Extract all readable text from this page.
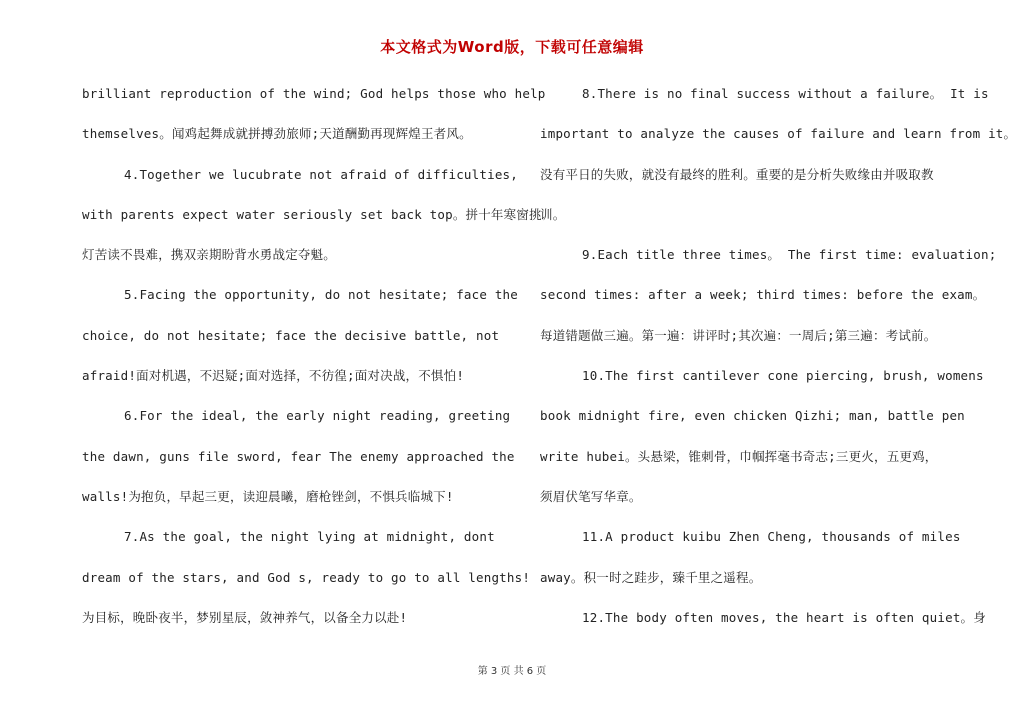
本文格式为Word版，下载可任意编辑
brilliant reproduction of the wind; God helps those who help
themselves。闻鸡起舞成就拼搏劲旅师;天道酬勤再现辉煌王者风。
4.Together we lucubrate not afraid of difficulties,
with parents expect water seriously set back top。拼十年寒窗挑
灯苦读不畏难，携双亲期盼背水勇战定夺魁。
5.Facing the opportunity, do not hesitate; face the
choice, do not hesitate; face the decisive battle, not
afraid!面对机遇，不迟疑;面对选择，不彷徨;面对决战，不惧怕!
6.For the ideal, the early night reading, greeting
the dawn, guns file sword, fear The enemy approached the
walls!为抱负，早起三更，读迎晨曦，磨枪锉剑，不惧兵临城下!
7.As the goal, the night lying at midnight, dont
dream of the stars, and God s, ready to go to all lengths!
为目标，晚卧夜半，梦别星辰，敛神养气，以备全力以赴!
8.There is no final success without a failure。 It is
important to analyze the causes of failure and learn from it。
没有平日的失败，就没有最终的胜利。重要的是分析失败缘由并吸取教
训。
9.Each title three times。 The first time: evaluation;
second times: after a week; third times: before the exam。
每道错题做三遍。第一遍：讲评时;其次遍：一周后;第三遍：考试前。
10.The first cantilever cone piercing, brush, womens
book midnight fire, even chicken Qizhi; man, battle pen
write hubei。头悬梁，锥刺骨，巾帼挥毫书奇志;三更火，五更鸡，
须眉伏笔写华章。
11.A product kuibu Zhen Cheng, thousands of miles
away。积一时之跬步，臻千里之遥程。
12.The body often moves, the heart is often quiet。身
第 3 页 共 6 页
